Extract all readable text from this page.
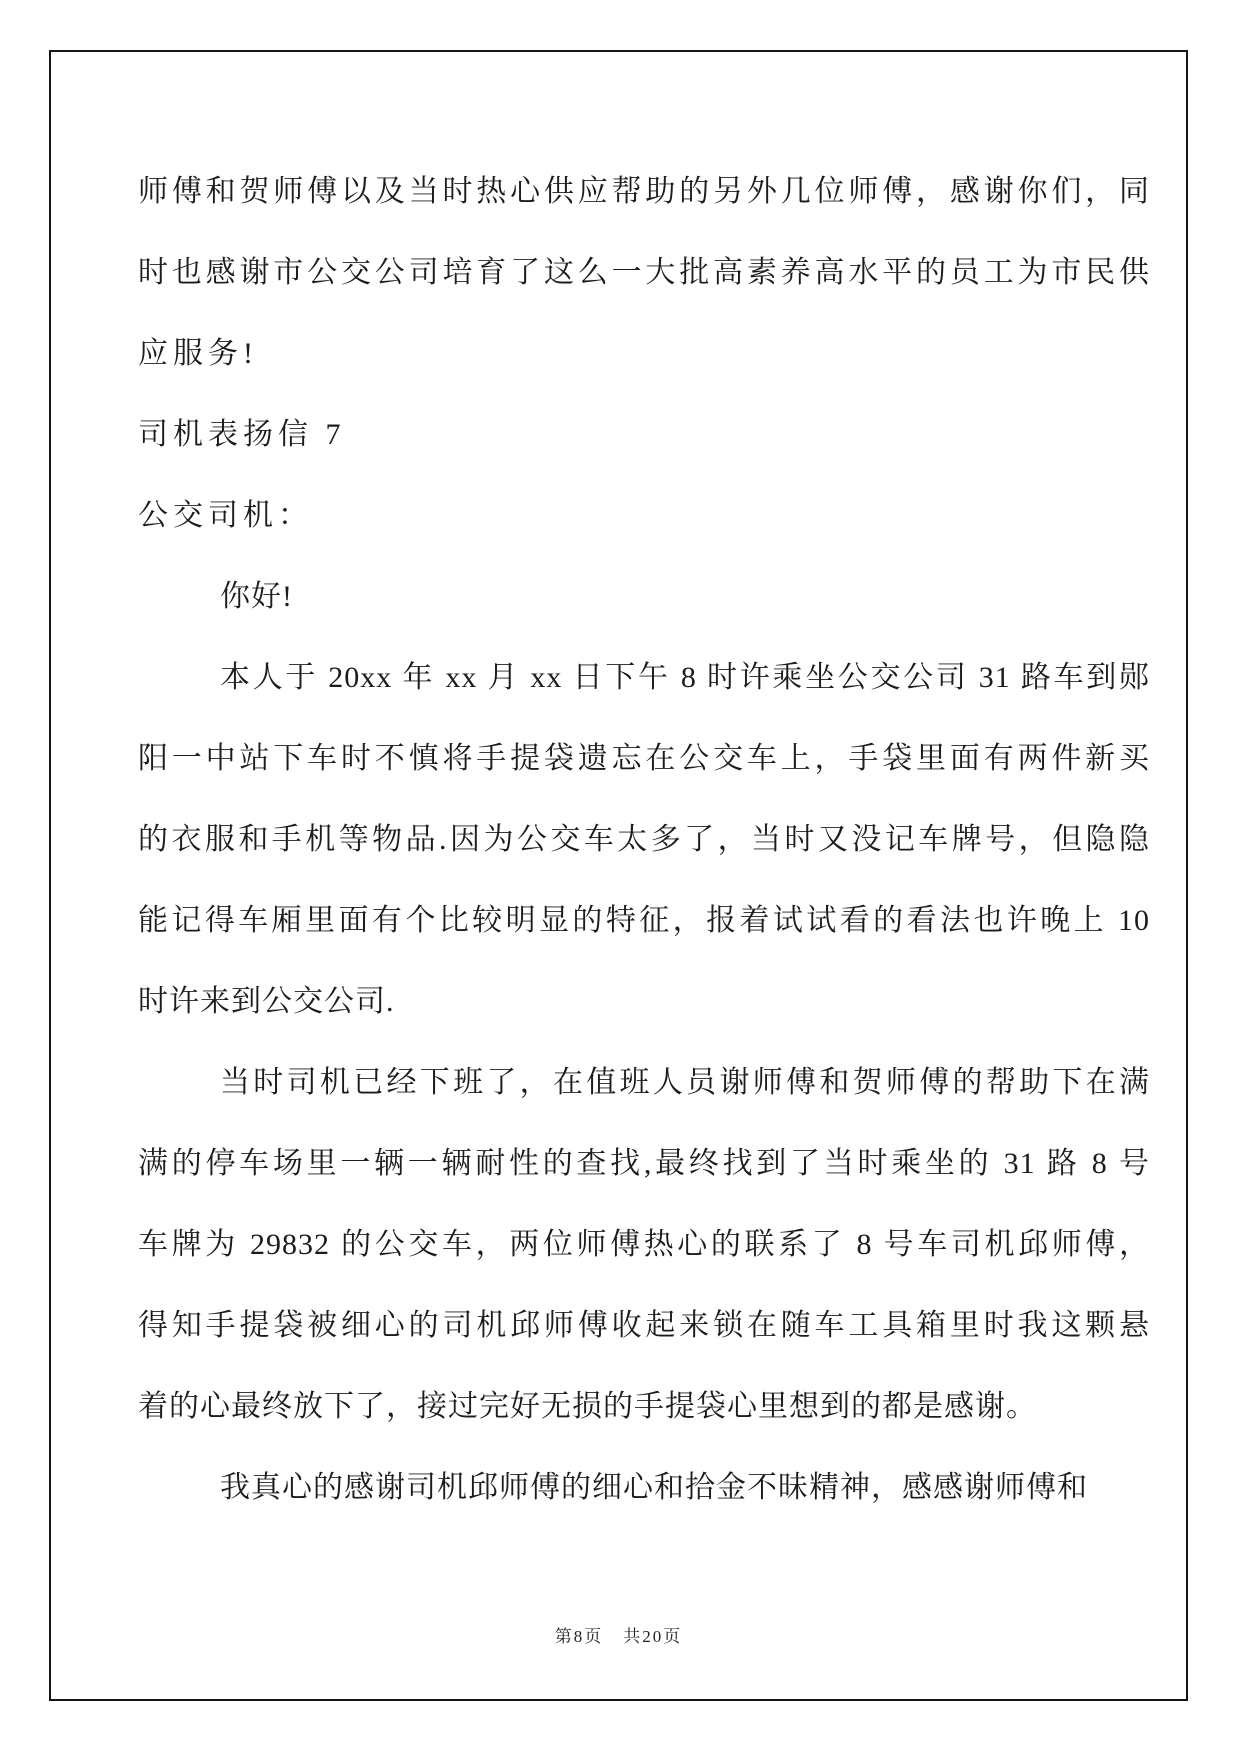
师傅和贺师傅以及当时热心供应帮助的另外几位师傅，感谢你们，同
时也感谢市公交公司培育了这么一大批高素养高水平的员工为市民供
应服务!
司机表扬信 7
公交司机：
你好!
本人于 20xx 年 xx 月 xx 日下午 8 时许乘坐公交公司 31 路车到郧
阳一中站下车时不慎将手提袋遗忘在公交车上，手袋里面有两件新买
的衣服和手机等物品.因为公交车太多了，当时又没记车牌号，但隐隐
能记得车厢里面有个比较明显的特征，报着试试看的看法也许晚上 10
时许来到公交公司.
当时司机已经下班了，在值班人员谢师傅和贺师傅的帮助下在满
满的停车场里一辆一辆耐性的查找,最终找到了当时乘坐的 31 路 8 号
车牌为 29832 的公交车，两位师傅热心的联系了 8 号车司机邱师傅，
得知手提袋被细心的司机邱师傅收起来锁在随车工具箱里时我这颗悬
着的心最终放下了，接过完好无损的手提袋心里想到的都是感谢。
我真心的感谢司机邱师傅的细心和拾金不昧精神，感感谢师傅和
第8页 共20页
